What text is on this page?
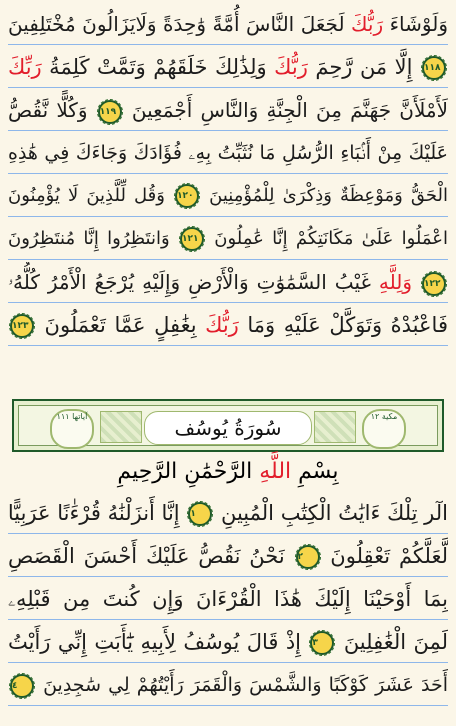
وَلَوْشَاءَ رَبُّكَ لَجَعَلَ النَّاسَ أُمَّةً وَٰحِدَةً وَلَايَزَالُونَ مُخْتَلِفِينَ
١١٨ إِلَّا مَن رَّحِمَ رَبُّكَ وَلِذَٰلِكَ خَلَقَهُمْ وَتَمَّتْ كَلِمَةُ رَبِّكَ
لَأَمْلَأَنَّ جَهَنَّمَ مِنَ الْجِنَّةِ وَالنَّاسِ أَجْمَعِينَ ١١٩ وَكُلًّا نَّقُصُّ
عَلَيْكَ مِنْ أَنۢبَاءِ الرُّسُلِ مَا نُثَبِّتُ بِهِۦ فُؤَادَكَ وَجَاءَكَ فِي هَٰذِهِ
الْحَقُّ وَمَوْعِظَةٌ وَذِكْرَىٰ لِلْمُؤْمِنِينَ ١٢٠ وَقُل لِّلَّذِينَ لَا يُؤْمِنُونَ
اعْمَلُوا عَلَىٰ مَكَانَتِكُمْ إِنَّا عَٰمِلُونَ ١٢١ وَانتَظِرُوا إِنَّا مُنتَظِرُونَ
١٢٢ وَلِلَّهِ غَيْبُ السَّمَٰوَٰتِ وَالْأَرْضِ وَإِلَيْهِ يُرْجَعُ الْأَمْرُ كُلُّهُۥ
فَاعْبُدْهُ وَتَوَكَّلْ عَلَيْهِ وَمَا رَبُّكَ بِغَٰفِلٍ عَمَّا تَعْمَلُونَ ١٢٣
مكية ١٢
سُورَةُ يُوسُف
آياتها ١١١
بِسْمِ اللَّهِ الرَّحْمَٰنِ الرَّحِيمِ
الٓر تِلْكَ ءَايَٰتُ الْكِتَٰبِ الْمُبِينِ ١ إِنَّا أَنزَلْنَٰهُ قُرْءَٰنًا عَرَبِيًّا
لَّعَلَّكُمْ تَعْقِلُونَ ٢ نَحْنُ نَقُصُّ عَلَيْكَ أَحْسَنَ الْقَصَصِ
بِمَا أَوْحَيْنَا إِلَيْكَ هَٰذَا الْقُرْءَانَ وَإِن كُنتَ مِن قَبْلِهِۦ
لَمِنَ الْغَٰفِلِينَ ٣ إِذْ قَالَ يُوسُفُ لِأَبِيهِ يَٰٓأَبَتِ إِنِّي رَأَيْتُ
أَحَدَ عَشَرَ كَوْكَبًا وَالشَّمْسَ وَالْقَمَرَ رَأَيْتُهُمْ لِي سَٰجِدِينَ ٤
